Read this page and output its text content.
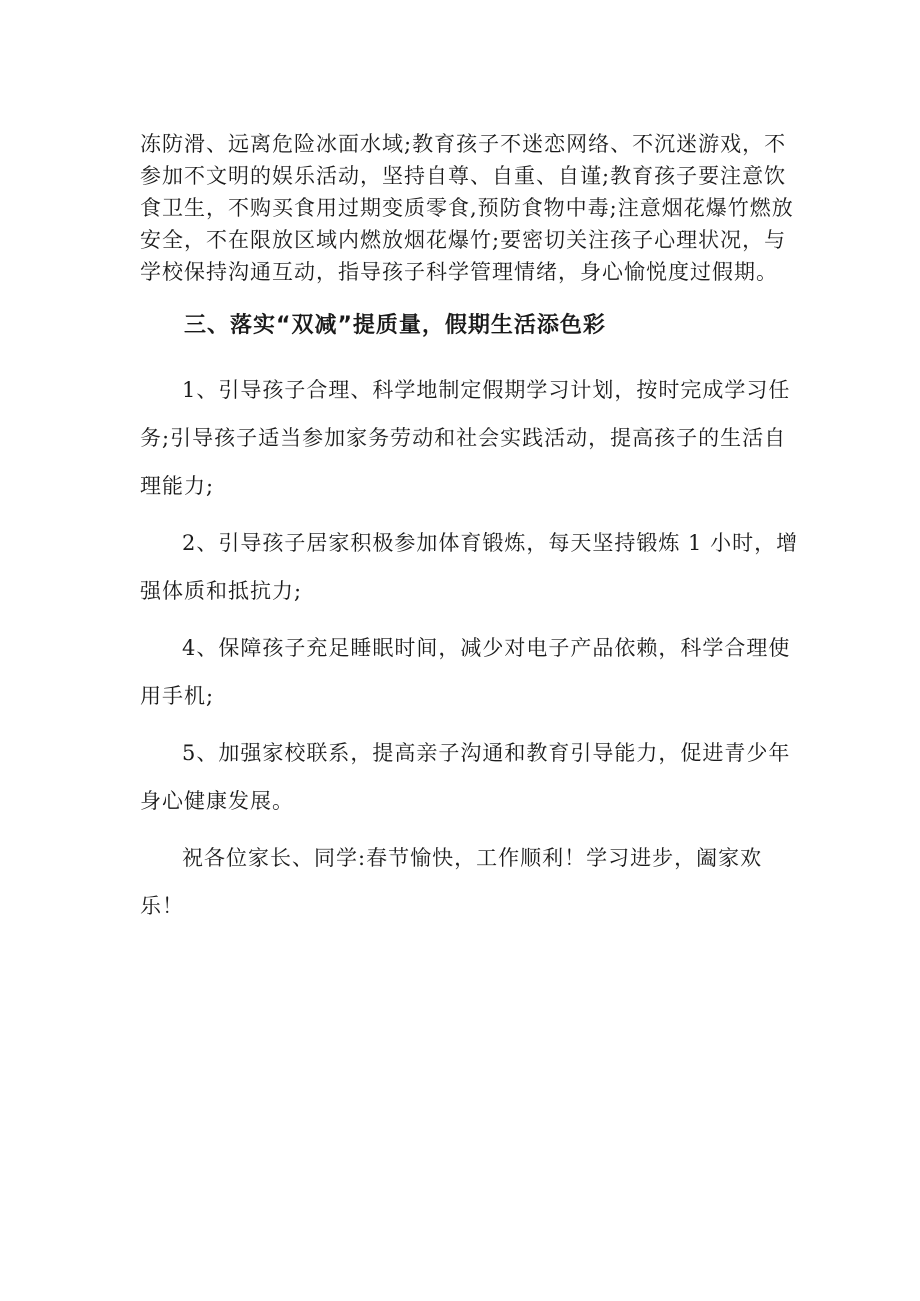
冻防滑、远离危险冰面水域;教育孩子不迷恋网络、不沉迷游戏，不参加不文明的娱乐活动，坚持自尊、自重、自谨;教育孩子要注意饮食卫生，不购买食用过期变质零食,预防食物中毒;注意烟花爆竹燃放安全，不在限放区域内燃放烟花爆竹;要密切关注孩子心理状况，与学校保持沟通互动，指导孩子科学管理情绪，身心愉悦度过假期。

三、落实“双减”提质量，假期生活添色彩

1、引导孩子合理、科学地制定假期学习计划，按时完成学习任务;引导孩子适当参加家务劳动和社会实践活动，提高孩子的生活自理能力;

2、引导孩子居家积极参加体育锻炼，每天坚持锻炼 1 小时，增强体质和抵抗力;

4、保障孩子充足睡眠时间，减少对电子产品依赖，科学合理使用手机;

5、加强家校联系，提高亲子沟通和教育引导能力，促进青少年身心健康发展。

祝各位家长、同学:春节愉快，工作顺利！学习进步，阖家欢乐！
